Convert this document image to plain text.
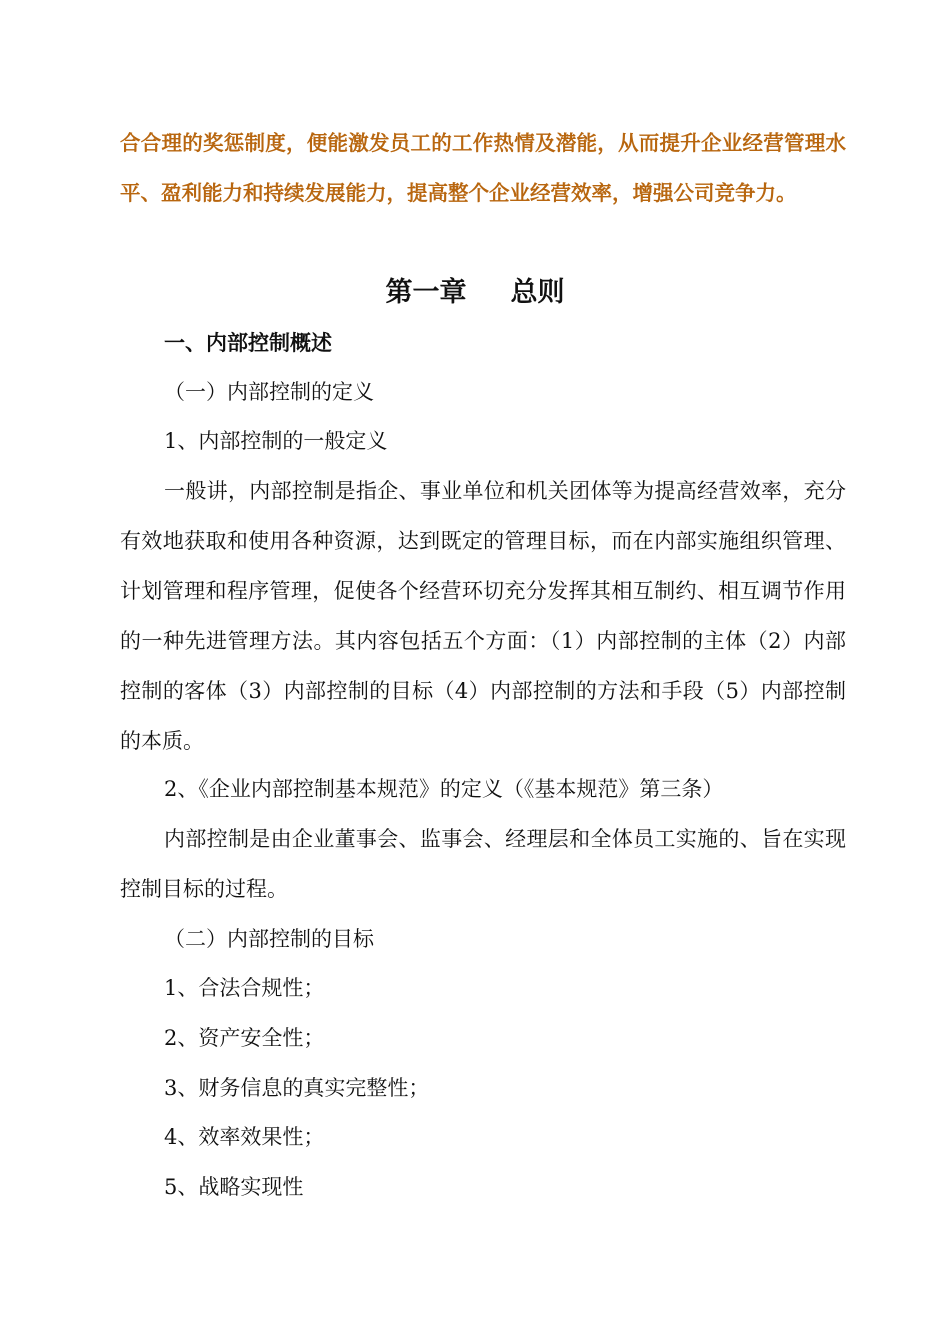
合合理的奖惩制度，便能激发员工的工作热情及潜能，从而提升企业经营管理水平、盈利能力和持续发展能力，提高整个企业经营效率，增强公司竞争力。

第一章 总则

一、内部控制概述

（一）内部控制的定义

1、内部控制的一般定义

一般讲，内部控制是指企、事业单位和机关团体等为提高经营效率，充分有效地获取和使用各种资源，达到既定的管理目标，而在内部实施组织管理、计划管理和程序管理，促使各个经营环切充分发挥其相互制约、相互调节作用的一种先进管理方法。其内容包括五个方面：（1）内部控制的主体（2）内部控制的客体（3）内部控制的目标（4）内部控制的方法和手段（5）内部控制的本质。

2、《企业内部控制基本规范》的定义（《基本规范》第三条）

内部控制是由企业董事会、监事会、经理层和全体员工实施的、旨在实现控制目标的过程。

（二）内部控制的目标

1、合法合规性；

2、资产安全性；

3、财务信息的真实完整性；

4、效率效果性；

5、战略实现性
